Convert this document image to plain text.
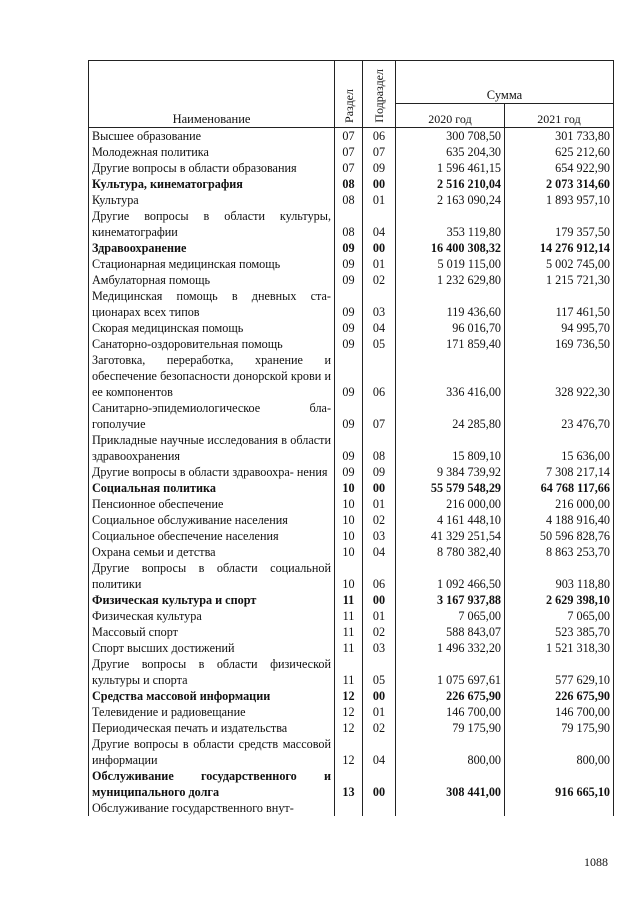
Наименование	Раздел	Подраздел	Сумма	
			2020 год	2021 год
Высшее образование	07	06	300 708,50	301 733,80
Молодежная политика	07	07	635 204,30	625 212,60
Другие вопросы в области образования	07	09	1 596 461,15	654 922,90
Культура, кинематография	08	00	2 516 210,04	2 073 314,60
Культура	08	01	2 163 090,24	1 893 957,10
Другие вопросы в области культуры, кинематографии	08	04	353 119,80	179 357,50
Здравоохранение	09	00	16 400 308,32	14 276 912,14
Стационарная медицинская помощь	09	01	5 019 115,00	5 002 745,00
Амбулаторная помощь	09	02	1 232 629,80	1 215 721,30
Медицинская помощь в дневных ста- ционарах всех типов	09	03	119 436,60	117 461,50
Скорая медицинская помощь	09	04	96 016,70	94 995,70
Санаторно-оздоровительная помощь	09	05	171 859,40	169 736,50
Заготовка, переработка, хранение и обеспечение безопасности донорской крови и ее компонентов	09	06	336 416,00	328 922,30
Санитарно-эпидемиологическое бла- гополучие	09	07	24 285,80	23 476,70
Прикладные научные исследования в области здравоохранения	09	08	15 809,10	15 636,00
Другие вопросы в области здравоохра- нения	09	09	9 384 739,92	7 308 217,14
Социальная политика	10	00	55 579 548,29	64 768 117,66
Пенсионное обеспечение	10	01	216 000,00	216 000,00
Социальное обслуживание населения	10	02	4 161 448,10	4 188 916,40
Социальное обеспечение населения	10	03	41 329 251,54	50 596 828,76
Охрана семьи и детства	10	04	8 780 382,40	8 863 253,70
Другие вопросы в области социальной политики	10	06	1 092 466,50	903 118,80
Физическая культура и спорт	11	00	3 167 937,88	2 629 398,10
Физическая культура	11	01	7 065,00	7 065,00
Массовый спорт	11	02	588 843,07	523 385,70
Спорт высших достижений	11	03	1 496 332,20	1 521 318,30
Другие вопросы в области физической культуры и спорта	11	05	1 075 697,61	577 629,10
Средства массовой информации	12	00	226 675,90	226 675,90
Телевидение и радиовещание	12	01	146 700,00	146 700,00
Периодическая печать и издательства	12	02	79 175,90	79 175,90
Другие вопросы в области средств массовой информации	12	04	800,00	800,00
Обслуживание государственного и муниципального долга	13	00	308 441,00	916 665,10
Обслуживание государственного внут-				
1088
